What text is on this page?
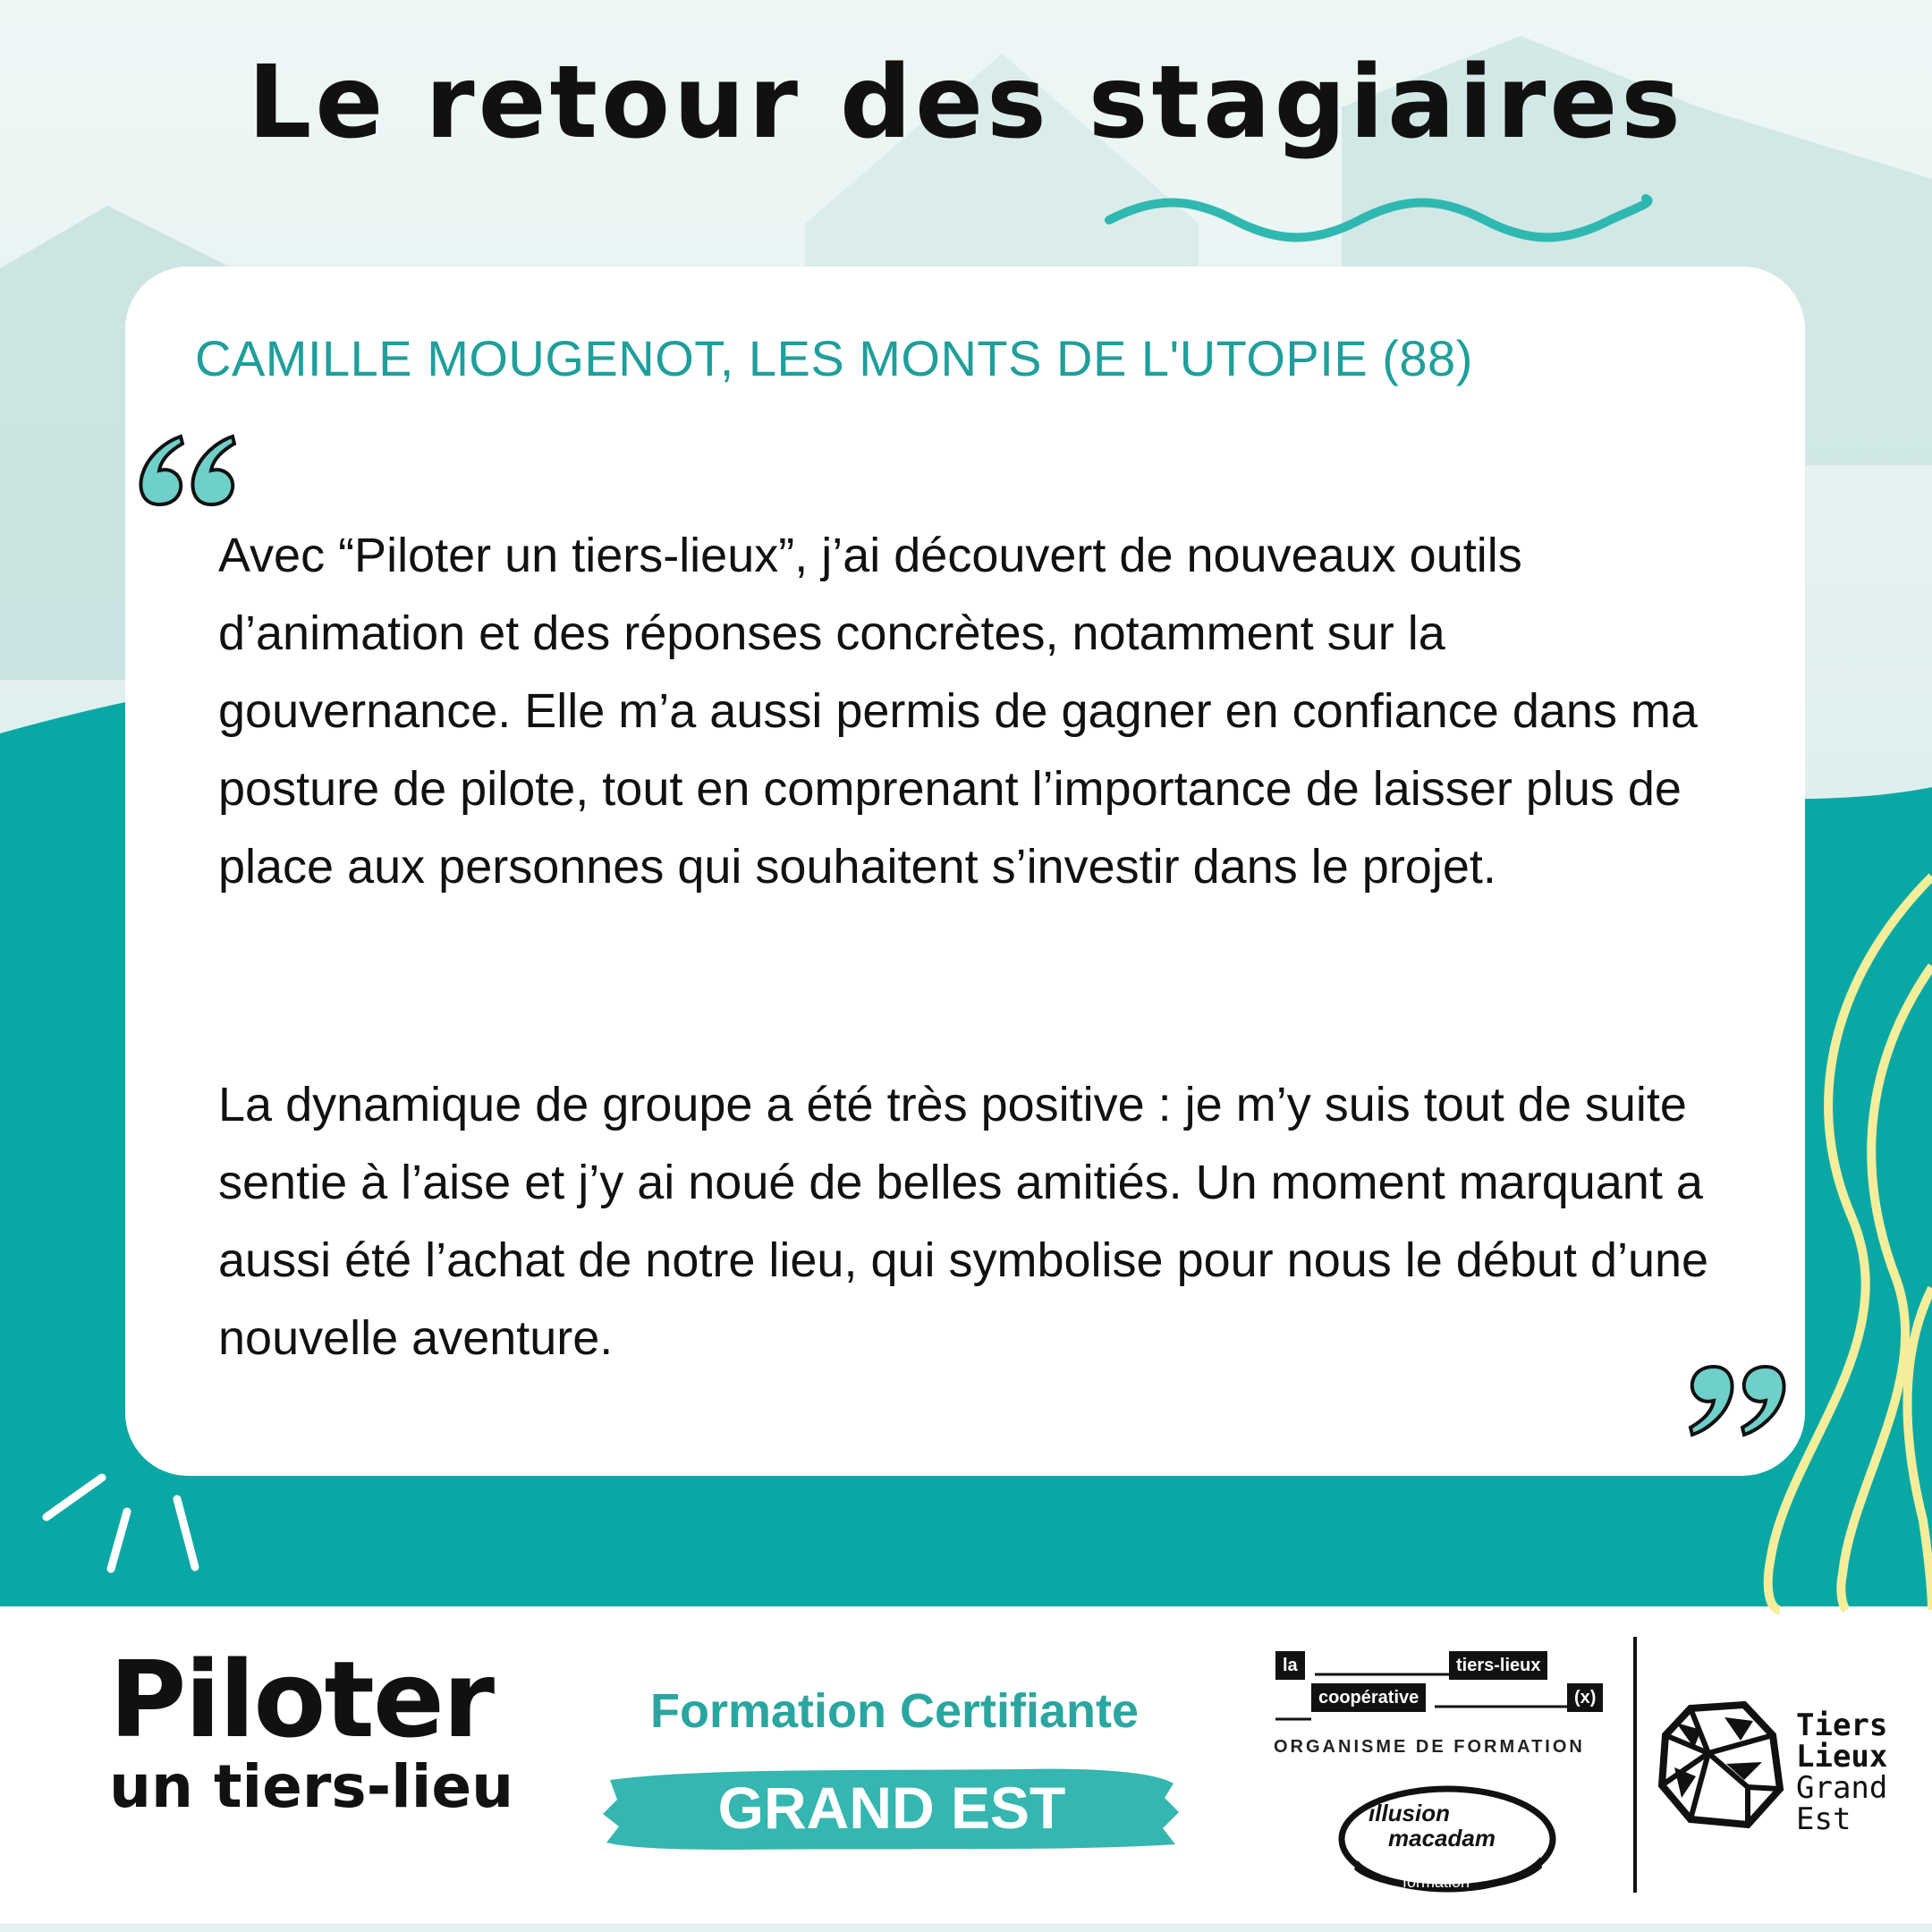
Le retour des stagiaires
CAMILLE MOUGENOT, LES MONTS DE L'UTOPIE (88)
Avec “Piloter un tiers-lieux”, j’ai découvert de nouveaux outils d’animation et des réponses concrètes, notamment sur la gouvernance. Elle m’a aussi permis de gagner en confiance dans ma posture de pilote, tout en comprenant l’importance de laisser plus de place aux personnes qui souhaitent s’investir dans le projet.
La dynamique de groupe a été très positive : je m’y suis tout de suite sentie à l’aise et j’y ai noué de belles amitiés. Un moment marquant a aussi été l’achat de notre lieu, qui symbolise pour nous le début d’une nouvelle aventure.
Piloter
un tiers-lieu
Formation Certifiante
GRAND EST
la	tiers-lieux
coopérative	(x)
ORGANISME DE FORMATION
illusion
macadam
formation
Tiers
Lieux
Grand
Est
